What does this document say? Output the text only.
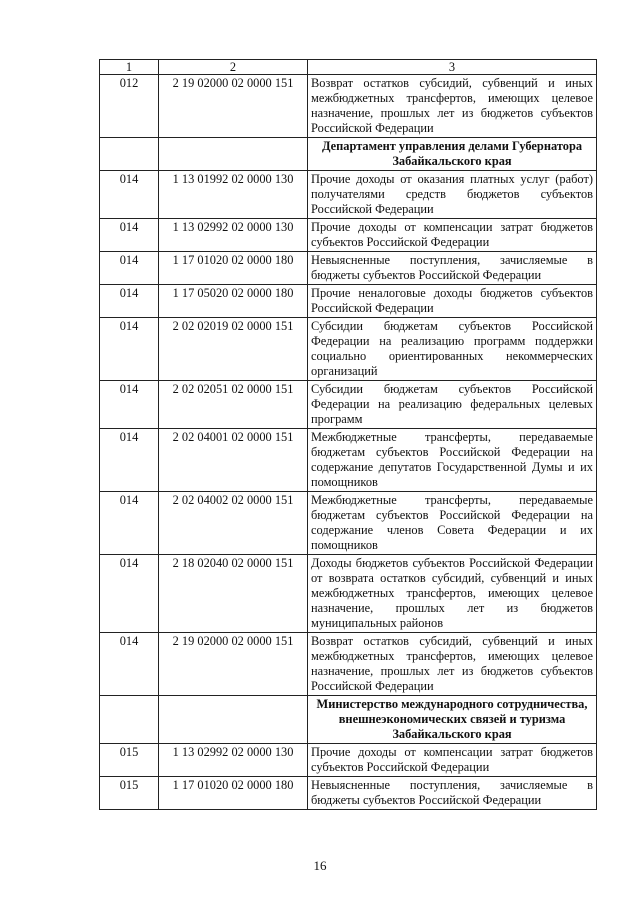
1	2	3
012	2 19 02000 02 0000 151	Возврат остатков субсидий, субвенций и иных межбюджетных трансфертов, имеющих целевое назначение, прошлых лет из бюджетов субъектов Российской Федерации
		Департамент управления делами Губернатора Забайкальского края
014	1 13 01992 02 0000 130	Прочие доходы от оказания платных услуг (работ) получателями средств бюджетов субъектов Российской Федерации
014	1 13 02992 02 0000 130	Прочие доходы от компенсации затрат бюджетов субъектов Российской Федерации
014	1 17 01020 02 0000 180	Невыясненные поступления, зачисляемые в бюджеты субъектов Российской Федерации
014	1 17 05020 02 0000 180	Прочие неналоговые доходы бюджетов субъектов Российской Федерации
014	2 02 02019 02 0000 151	Субсидии бюджетам субъектов Российской Федерации на реализацию программ поддержки социально ориентированных некоммерческих организаций
014	2 02 02051 02 0000 151	Субсидии бюджетам субъектов Российской Федерации на реализацию федеральных целевых программ
014	2 02 04001 02 0000 151	Межбюджетные трансферты, передаваемые бюджетам субъектов Российской Федерации на содержание депутатов Государственной Думы и их помощников
014	2 02 04002 02 0000 151	Межбюджетные трансферты, передаваемые бюджетам субъектов Российской Федерации на содержание членов Совета Федерации и их помощников
014	2 18 02040 02 0000 151	Доходы бюджетов субъектов Российской Федерации от возврата остатков субсидий, субвенций и иных межбюджетных трансфертов, имеющих целевое назначение, прошлых лет из бюджетов муниципальных районов
014	2 19 02000 02 0000 151	Возврат остатков субсидий, субвенций и иных межбюджетных трансфертов, имеющих целевое назначение, прошлых лет из бюджетов субъектов Российской Федерации
		Министерство международного сотрудничества, внешнеэкономических связей и туризма Забайкальского края
015	1 13 02992 02 0000 130	Прочие доходы от компенсации затрат бюджетов субъектов Российской Федерации
015	1 17 01020 02 0000 180	Невыясненные поступления, зачисляемые в бюджеты субъектов Российской Федерации
16
